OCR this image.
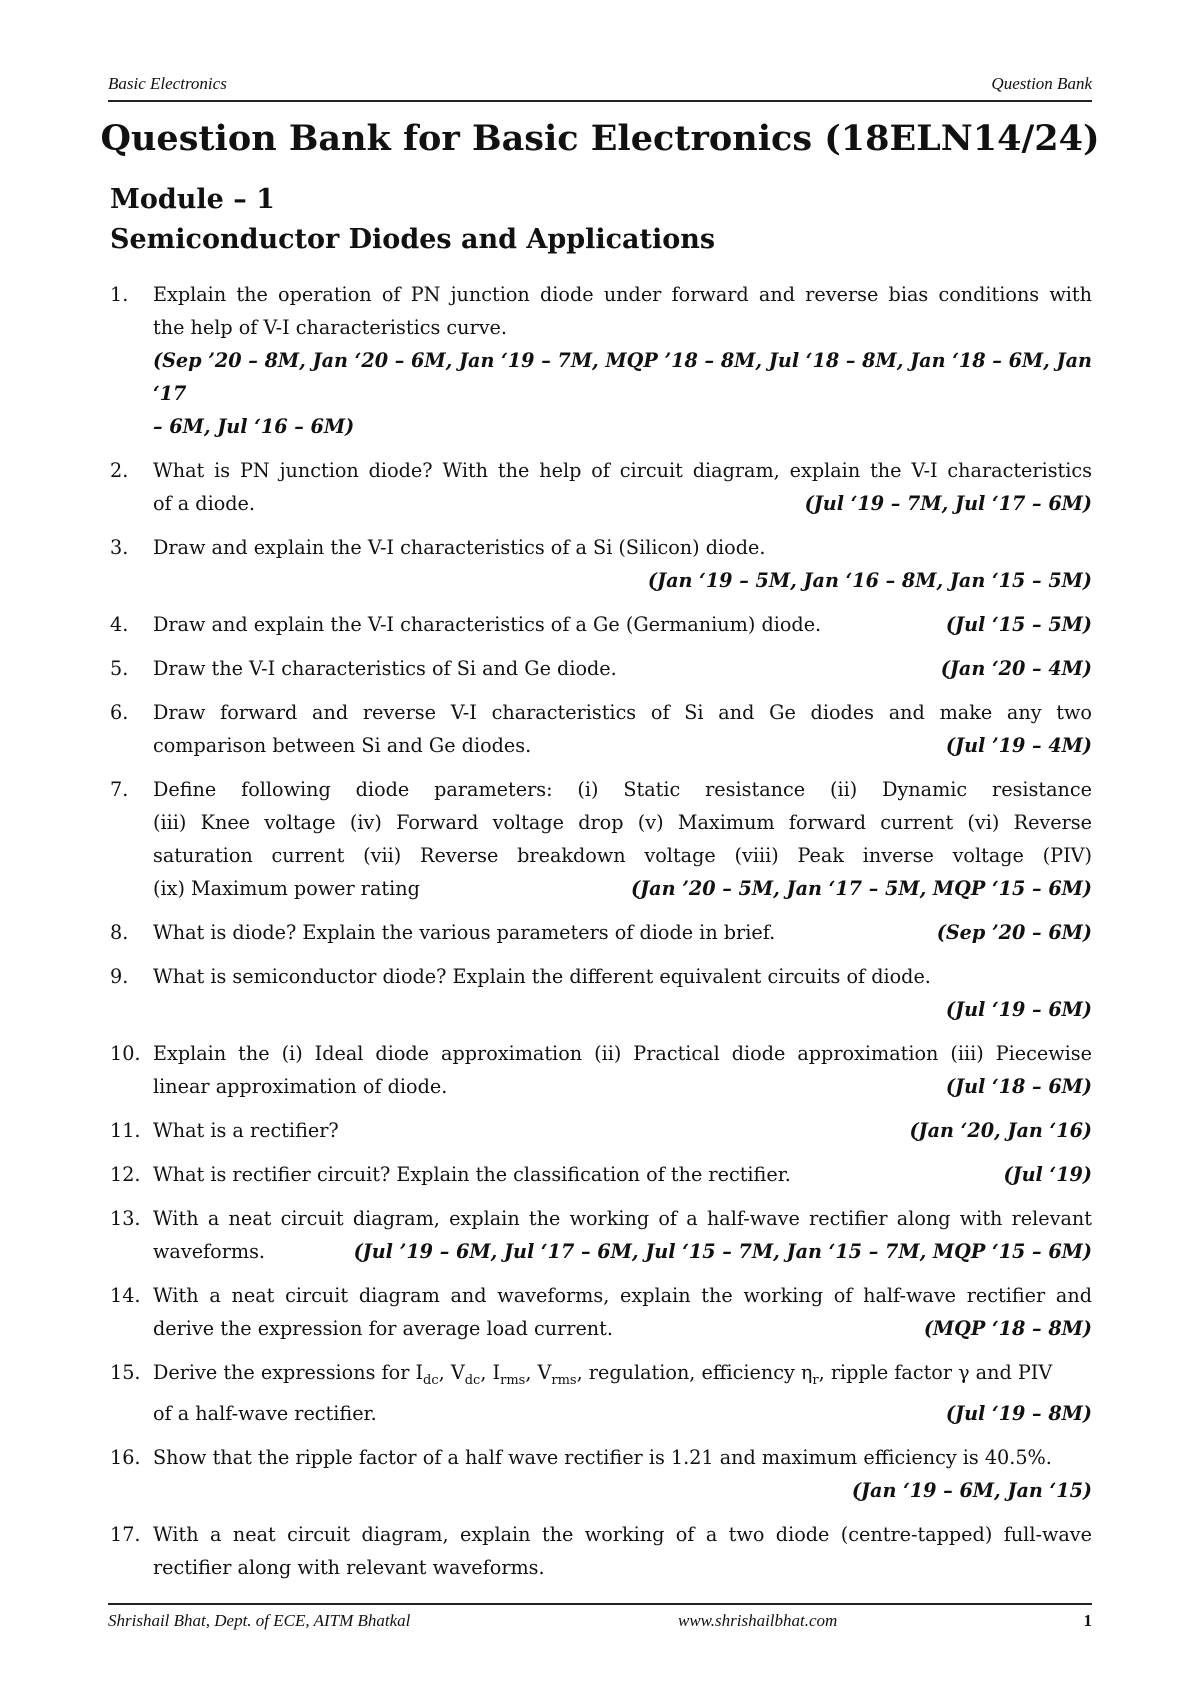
Basic Electronics	Question Bank
Question Bank for Basic Electronics (18ELN14/24)
Module – 1
Semiconductor Diodes and Applications
1. Explain the operation of PN junction diode under forward and reverse bias conditions with
the help of V-I characteristics curve.
(Sep ’20 – 8M, Jan ‘20 – 6M, Jan ‘19 – 7M, MQP ’18 – 8M, Jul ‘18 – 8M, Jan ‘18 – 6M, Jan ‘17
– 6M, Jul ‘16 – 6M)
2. What is PN junction diode? With the help of circuit diagram, explain the V-I characteristics
(Jul ‘19 – 7M, Jul ‘17 – 6M)
of a diode.
3. Draw and explain the V-I characteristics of a Si (Silicon) diode.
(Jan ‘19 – 5M, Jan ‘16 – 8M, Jan ‘15 – 5M)
4.	(Jul ‘15 – 5M)
Draw and explain the V-I characteristics of a Ge (Germanium) diode.
5.	(Jan ‘20 – 4M)
Draw the V-I characteristics of Si and Ge diode.
6. Draw forward and reverse V-I characteristics of Si and Ge diodes and make any two
(Jul ’19 – 4M)
comparison between Si and Ge diodes.
7. Define following diode parameters: (i) Static resistance (ii) Dynamic resistance
(iii) Knee voltage (iv) Forward voltage drop (v) Maximum forward current (vi) Reverse
saturation current (vii) Reverse breakdown voltage (viii) Peak inverse voltage (PIV)
(Jan ’20 – 5M, Jan ‘17 – 5M, MQP ‘15 – 6M)
(ix) Maximum power rating
8.	(Sep ’20 – 6M)
What is diode? Explain the various parameters of diode in brief.
9. What is semiconductor diode? Explain the different equivalent circuits of diode.
(Jul ‘19 – 6M)
10. Explain the (i) Ideal diode approximation (ii) Practical diode approximation (iii) Piecewise
(Jul ‘18 – 6M)
linear approximation of diode.
11.	(Jan ‘20, Jan ‘16)
What is a rectifier?
12.	(Jul ‘19)
What is rectifier circuit? Explain the classification of the rectifier.
13. With a neat circuit diagram, explain the working of a half-wave rectifier along with relevant
(Jul ’19 – 6M, Jul ‘17 – 6M, Jul ‘15 – 7M, Jan ‘15 – 7M, MQP ‘15 – 6M)
waveforms.
14. With a neat circuit diagram and waveforms, explain the working of half-wave rectifier and
(MQP ‘18 – 8M)
derive the expression for average load current.
15. Derive the expressions for $I_{dc}$, $V_{dc}$, $I_{rms}$, $V_{rms}$, regulation, efficiency $\eta_r$, ripple factor γ and PIV
(Jul ‘19 – 8M)
of a half-wave rectifier.
16. Show that the ripple factor of a half wave rectifier is 1.21 and maximum efficiency is 40.5%.
(Jan ‘19 – 6M, Jan ‘15)
17. With a neat circuit diagram, explain the working of a two diode (centre-tapped) full-wave
rectifier along with relevant waveforms.
Shrishail Bhat, Dept. of ECE, AITM Bhatkal	www.shrishailbhat.com	1
